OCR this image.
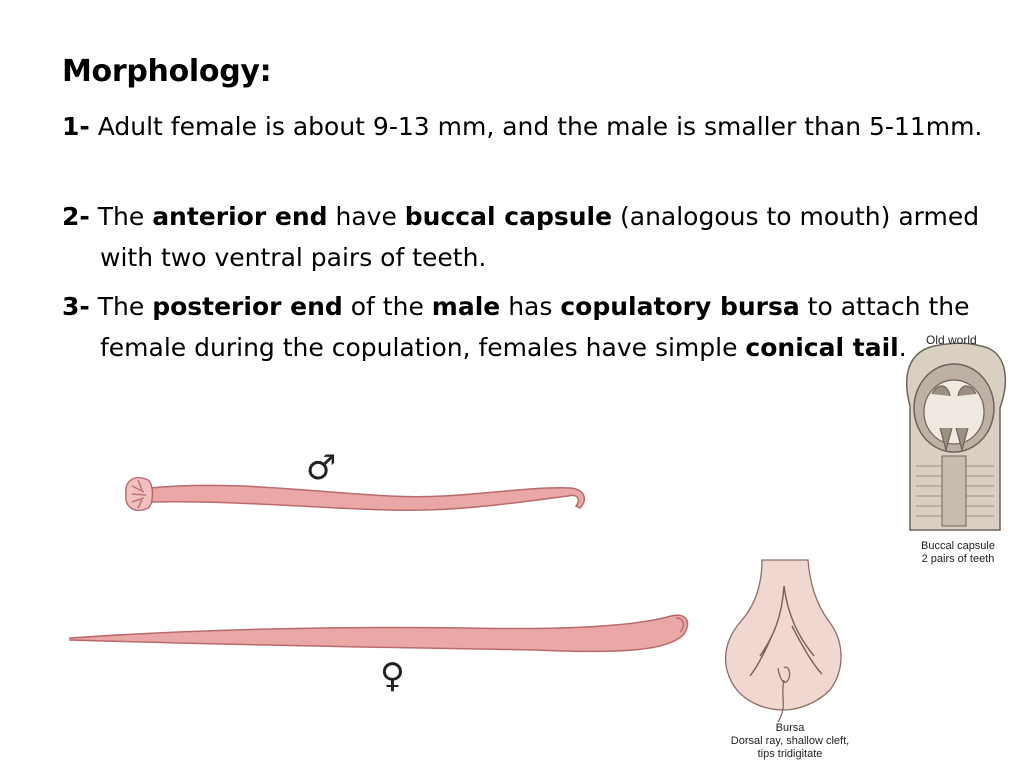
Morphology:
1- Adult female is about 9-13 mm, and the male is smaller than 5-11mm.
2- The anterior end have buccal capsule (analogous to mouth) armed with two ventral pairs of teeth.
3- The posterior end of the male has copulatory bursa to attach the female during the copulation, females have simple conical tail.
♂
♀
Old world
Buccal capsule
2 pairs of teeth
Bursa
Dorsal ray, shallow cleft,
tips tridigitate
